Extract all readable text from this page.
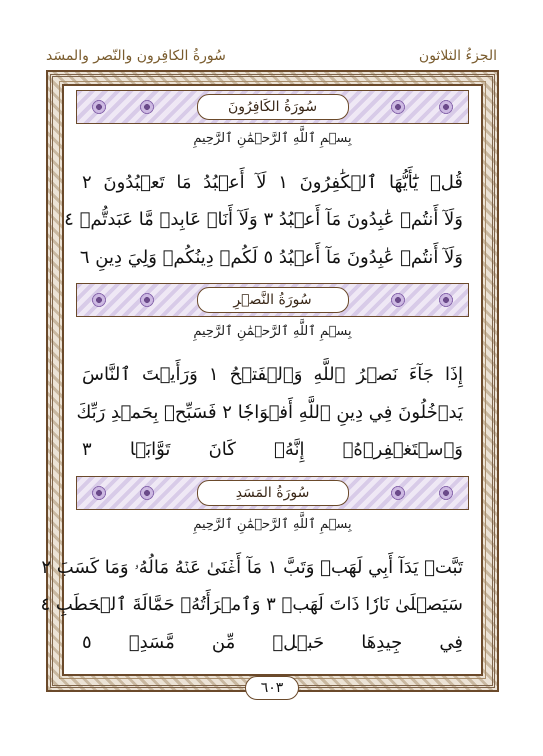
الجزءُ الثلاثون
سُورةُ الكافِرون والنّصر والمسَد
سُورَةُ الكَافِرُونَ
بِسۡمِ ٱللَّهِ ٱلرَّحۡمَٰنِ ٱلرَّحِيمِ
قُلۡ يَٰٓأَيُّهَا ٱلۡكَٰفِرُونَ ١ لَآ أَعۡبُدُ مَا تَعۡبُدُونَ ٢
وَلَآ أَنتُمۡ عَٰبِدُونَ مَآ أَعۡبُدُ ٣ وَلَآ أَنَا۠ عَابِدٞ مَّا عَبَدتُّمۡ ٤
وَلَآ أَنتُمۡ عَٰبِدُونَ مَآ أَعۡبُدُ ٥ لَكُمۡ دِينُكُمۡ وَلِيَ دِينِ ٦
سُورَةُ النَّصۡرِ
بِسۡمِ ٱللَّهِ ٱلرَّحۡمَٰنِ ٱلرَّحِيمِ
إِذَا جَآءَ نَصۡرُ ٱللَّهِ وَٱلۡفَتۡحُ ١ وَرَأَيۡتَ ٱلنَّاسَ
يَدۡخُلُونَ فِي دِينِ ٱللَّهِ أَفۡوَاجٗا ٢ فَسَبِّحۡ بِحَمۡدِ رَبِّكَ
وَٱسۡتَغۡفِرۡهُۚ إِنَّهُۥ كَانَ تَوَّابَۢا ٣
سُورَةُ المَسَدِ
بِسۡمِ ٱللَّهِ ٱلرَّحۡمَٰنِ ٱلرَّحِيمِ
تَبَّتۡ يَدَآ أَبِي لَهَبٖ وَتَبَّ ١ مَآ أَغۡنَىٰ عَنۡهُ مَالُهُۥ وَمَا كَسَبَ ٢
سَيَصۡلَىٰ نَارٗا ذَاتَ لَهَبٖ ٣ وَٱمۡرَأَتُهُۥ حَمَّالَةَ ٱلۡحَطَبِ ٤
فِي جِيدِهَا حَبۡلٞ مِّن مَّسَدِۭ ٥
٦٠٣
